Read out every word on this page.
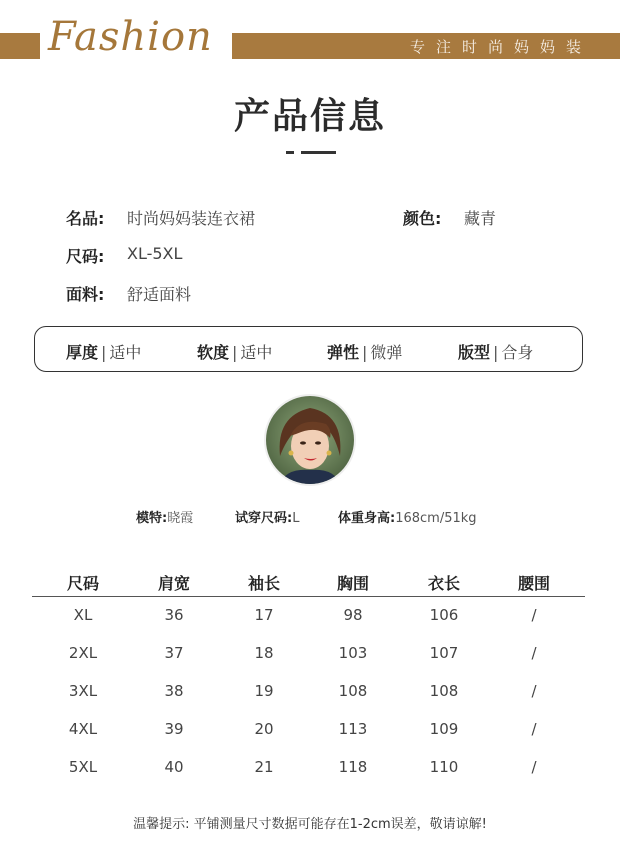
Fashion	专注时尚妈妈装
产品信息
名品: 时尚妈妈装连衣裙	颜色: 藏青
尺码: XL-5XL
面料: 舒适面料
厚度 | 适中	软度 | 适中	弹性 | 微弹	版型 | 合身
模特:晓霞	试穿尺码:L	体重身高:168cm/51kg
尺码	肩宽	袖长	胸围	衣长	腰围
XL	36	17	98	106	/
2XL	37	18	103	107	/
3XL	38	19	108	108	/
4XL	39	20	113	109	/
5XL	40	21	118	110	/
温馨提示: 平铺测量尺寸数据可能存在1-2cm误差，敬请谅解!
